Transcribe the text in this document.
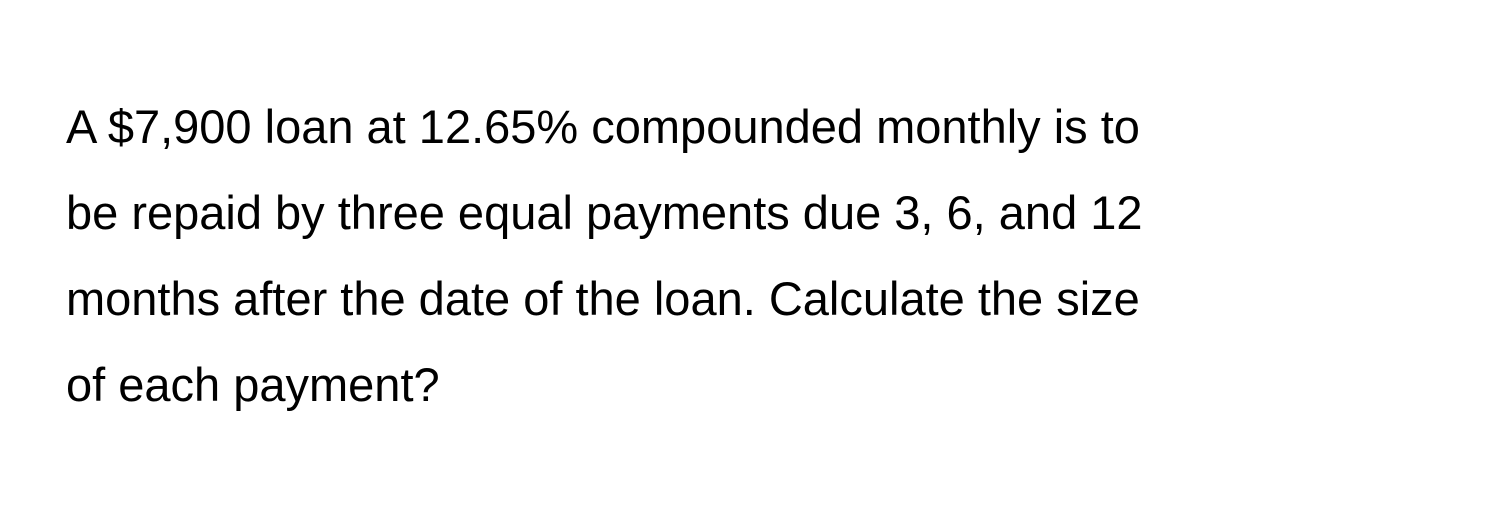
A $7,900 loan at 12.65% compounded monthly is to
be repaid by three equal payments due 3, 6, and 12
months after the date of the loan. Calculate the size
of each payment?
